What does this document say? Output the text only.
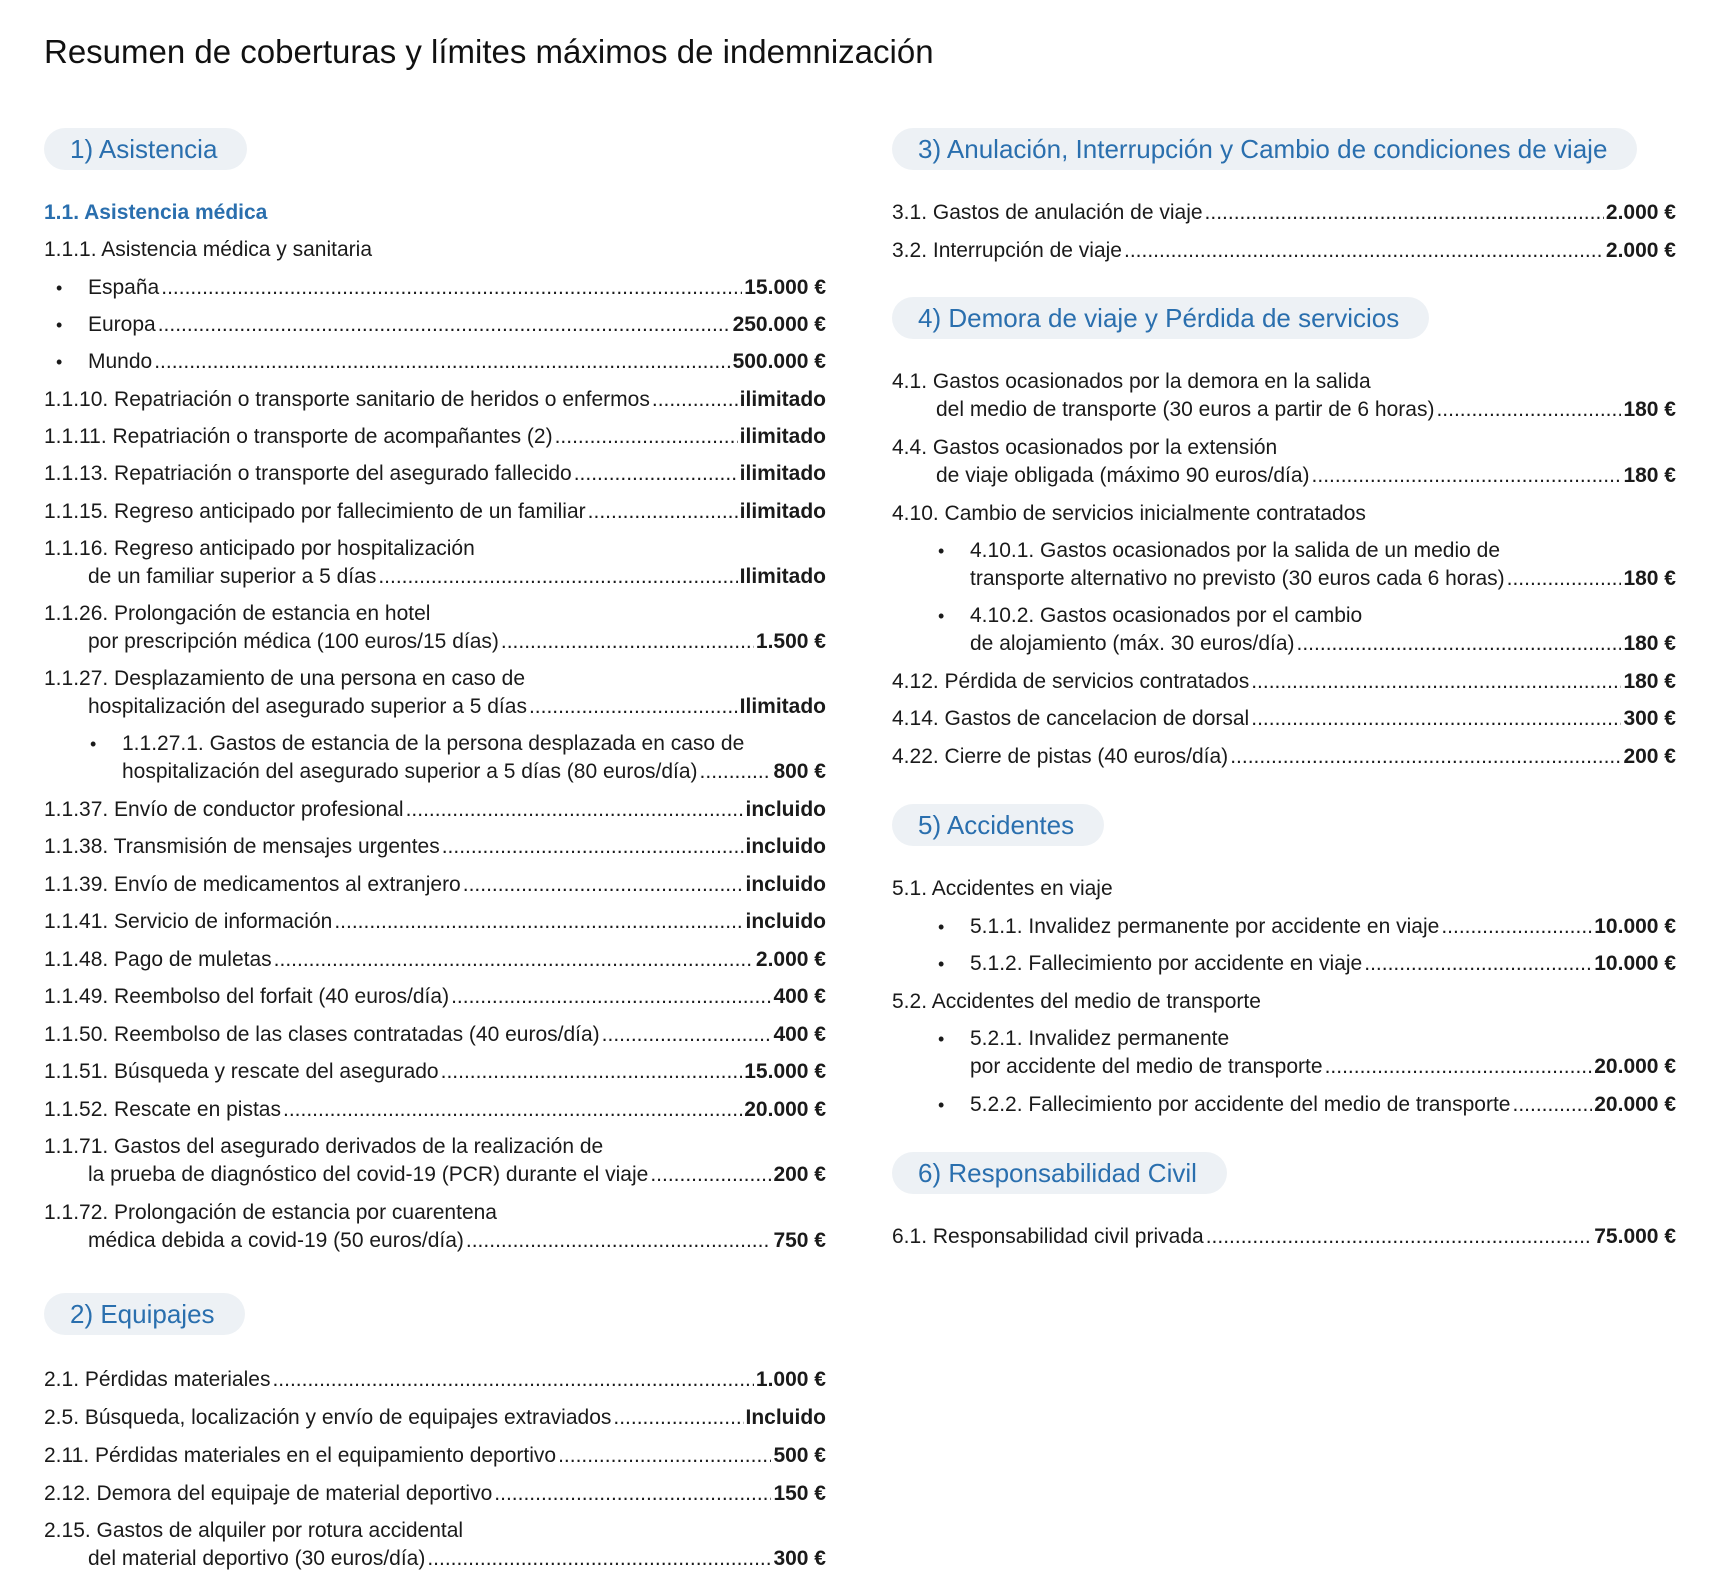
Resumen de coberturas y límites máximos de indemnización
1) Asistencia
1.1. Asistencia médica
1.1.1. Asistencia médica y sanitaria
• España .....	15.000 €
• Europa .....	250.000 €
• Mundo .....	500.000 €
1.1.10. Repatriación o transporte sanitario de heridos o enfermos .....	ilimitado
1.1.11. Repatriación o transporte de acompañantes (2) .....	ilimitado
1.1.13. Repatriación o transporte del asegurado fallecido .....	ilimitado
1.1.15. Regreso anticipado por fallecimiento de un familiar .....	ilimitado
1.1.16. Regreso anticipado por hospitalización
de un familiar superior a 5 días .....	Ilimitado
1.1.26. Prolongación de estancia en hotel
por prescripción médica (100 euros/15 días) .....	1.500 €
1.1.27. Desplazamiento de una persona en caso de
hospitalización del asegurado superior a 5 días .....	Ilimitado
• 1.1.27.1. Gastos de estancia de la persona desplazada en caso de
hospitalización del asegurado superior a 5 días (80 euros/día) .....	800 €
1.1.37. Envío de conductor profesional .....	incluido
1.1.38. Transmisión de mensajes urgentes .....	incluido
1.1.39. Envío de medicamentos al extranjero .....	incluido
1.1.41. Servicio de información .....	incluido
1.1.48. Pago de muletas .....	2.000 €
1.1.49. Reembolso del forfait (40 euros/día) .....	400 €
1.1.50. Reembolso de las clases contratadas (40 euros/día) .....	400 €
1.1.51. Búsqueda y rescate del asegurado .....	15.000 €
1.1.52. Rescate en pistas .....	20.000 €
1.1.71. Gastos del asegurado derivados de la realización de
la prueba de diagnóstico del covid-19 (PCR) durante el viaje .....	200 €
1.1.72. Prolongación de estancia por cuarentena
médica debida a covid-19 (50 euros/día) .....	750 €
2) Equipajes
2.1. Pérdidas materiales .....	1.000 €
2.5. Búsqueda, localización y envío de equipajes extraviados .....	Incluido
2.11. Pérdidas materiales en el equipamiento deportivo .....	500 €
2.12. Demora del equipaje de material deportivo .....	150 €
2.15. Gastos de alquiler por rotura accidental
del material deportivo (30 euros/día) .....	300 €
3) Anulación, Interrupción y Cambio de condiciones de viaje
3.1. Gastos de anulación de viaje .....	2.000 €
3.2. Interrupción de viaje .....	2.000 €
4) Demora de viaje y Pérdida de servicios
4.1. Gastos ocasionados por la demora en la salida
del medio de transporte (30 euros a partir de 6 horas) .....	180 €
4.4. Gastos ocasionados por la extensión
de viaje obligada (máximo 90 euros/día) .....	180 €
4.10. Cambio de servicios inicialmente contratados
• 4.10.1. Gastos ocasionados por la salida de un medio de
transporte alternativo no previsto (30 euros cada 6 horas) .....	180 €
• 4.10.2. Gastos ocasionados por el cambio
de alojamiento (máx. 30 euros/día) .....	180 €
4.12. Pérdida de servicios contratados .....	180 €
4.14. Gastos de cancelacion de dorsal .....	300 €
4.22. Cierre de pistas (40 euros/día) .....	200 €
5) Accidentes
5.1. Accidentes en viaje
• 5.1.1. Invalidez permanente por accidente en viaje .....	10.000 €
• 5.1.2. Fallecimiento por accidente en viaje .....	10.000 €
5.2. Accidentes del medio de transporte
• 5.2.1. Invalidez permanente
por accidente del medio de transporte .....	20.000 €
• 5.2.2. Fallecimiento por accidente del medio de transporte .....	20.000 €
6) Responsabilidad Civil
6.1. Responsabilidad civil privada .....	75.000 €
